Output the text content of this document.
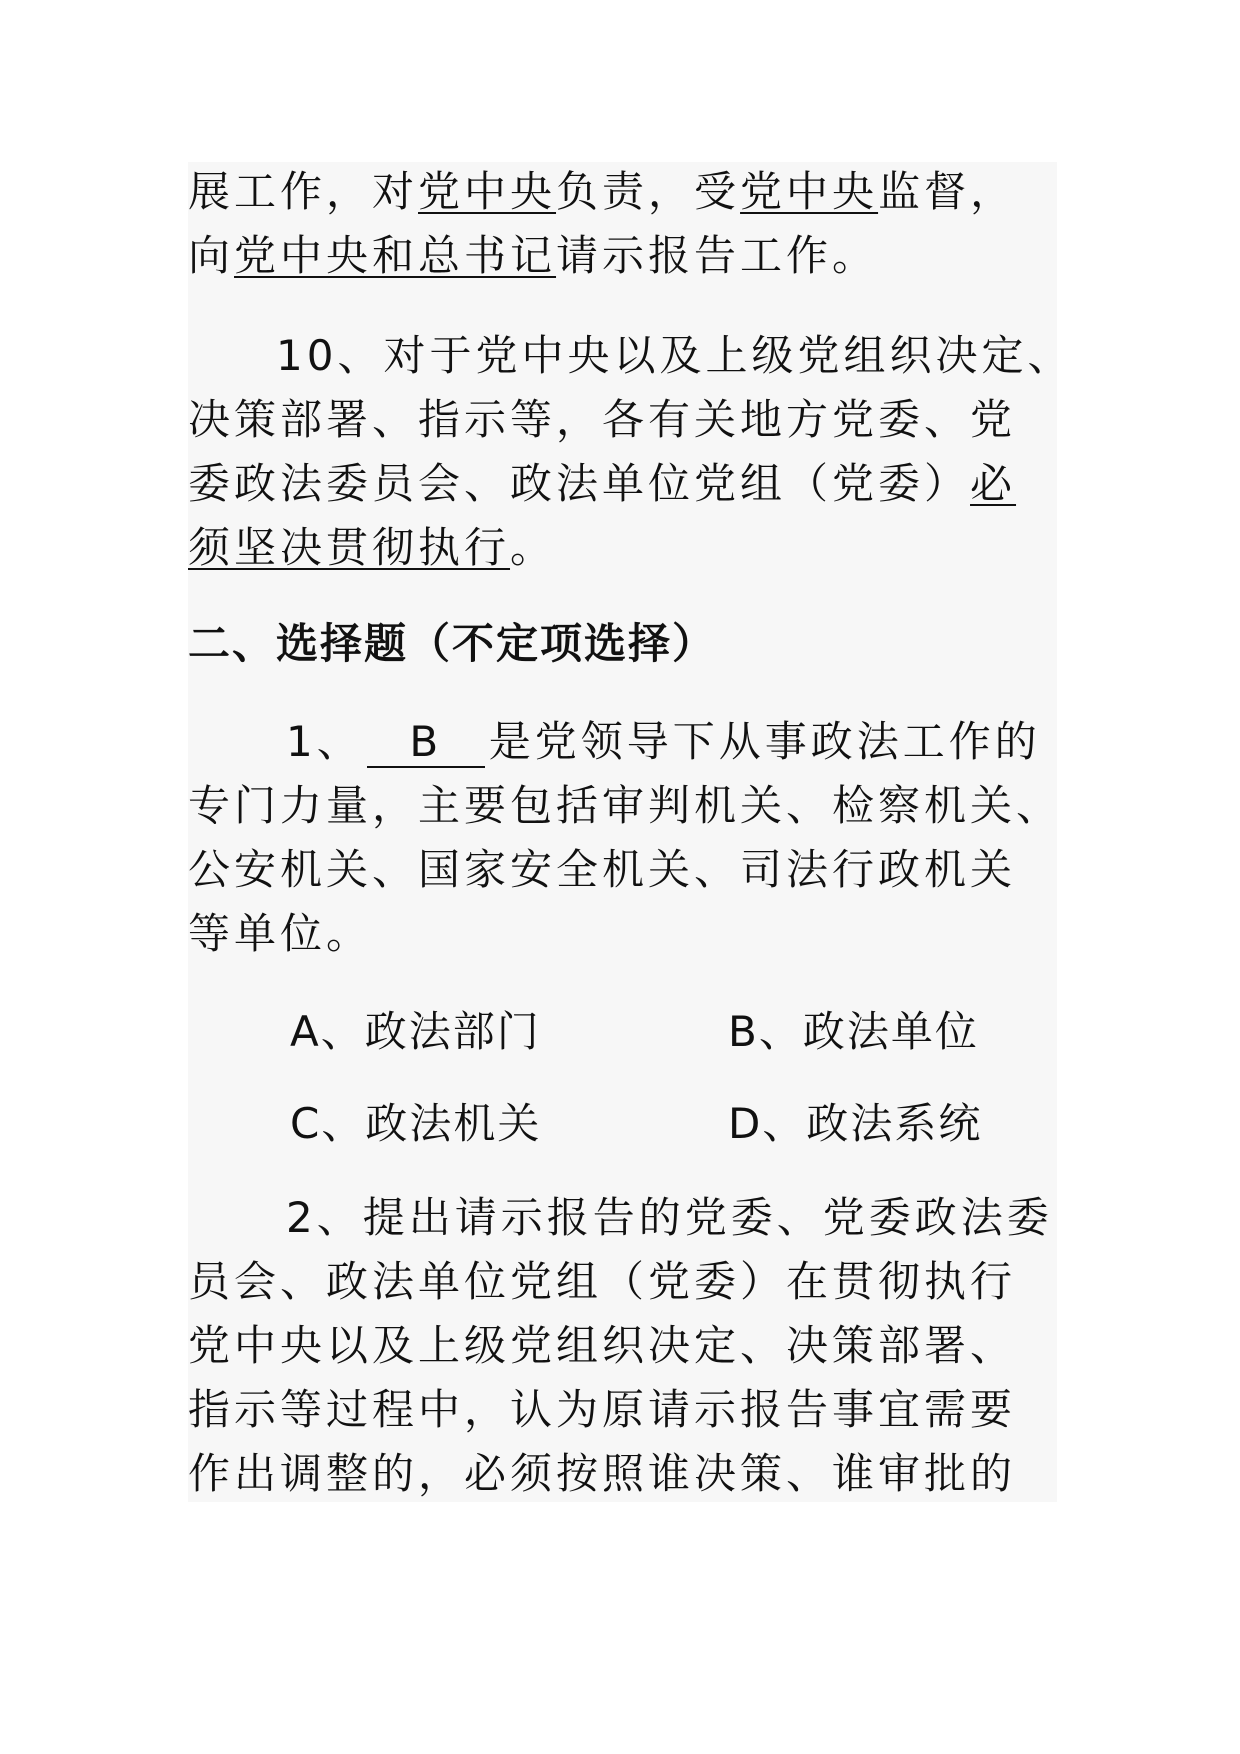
展工作，对党中央负责，受党中央监督，
向党中央和总书记请示报告工作。
10、对于党中央以及上级党组织决定、
决策部署、指示等，各有关地方党委、党
委政法委员会、政法单位党组（党委）必
须坚决贯彻执行。
二、选择题（不定项选择）
1、 B 是党领导下从事政法工作的
专门力量，主要包括审判机关、检察机关、
公安机关、国家安全机关、司法行政机关
等单位。
A、政法部门	B、政法单位
C、政法机关	D、政法系统
2、提出请示报告的党委、党委政法委
员会、政法单位党组（党委）在贯彻执行
党中央以及上级党组织决定、决策部署、
指示等过程中，认为原请示报告事宜需要
作出调整的，必须按照谁决策、谁审批的
